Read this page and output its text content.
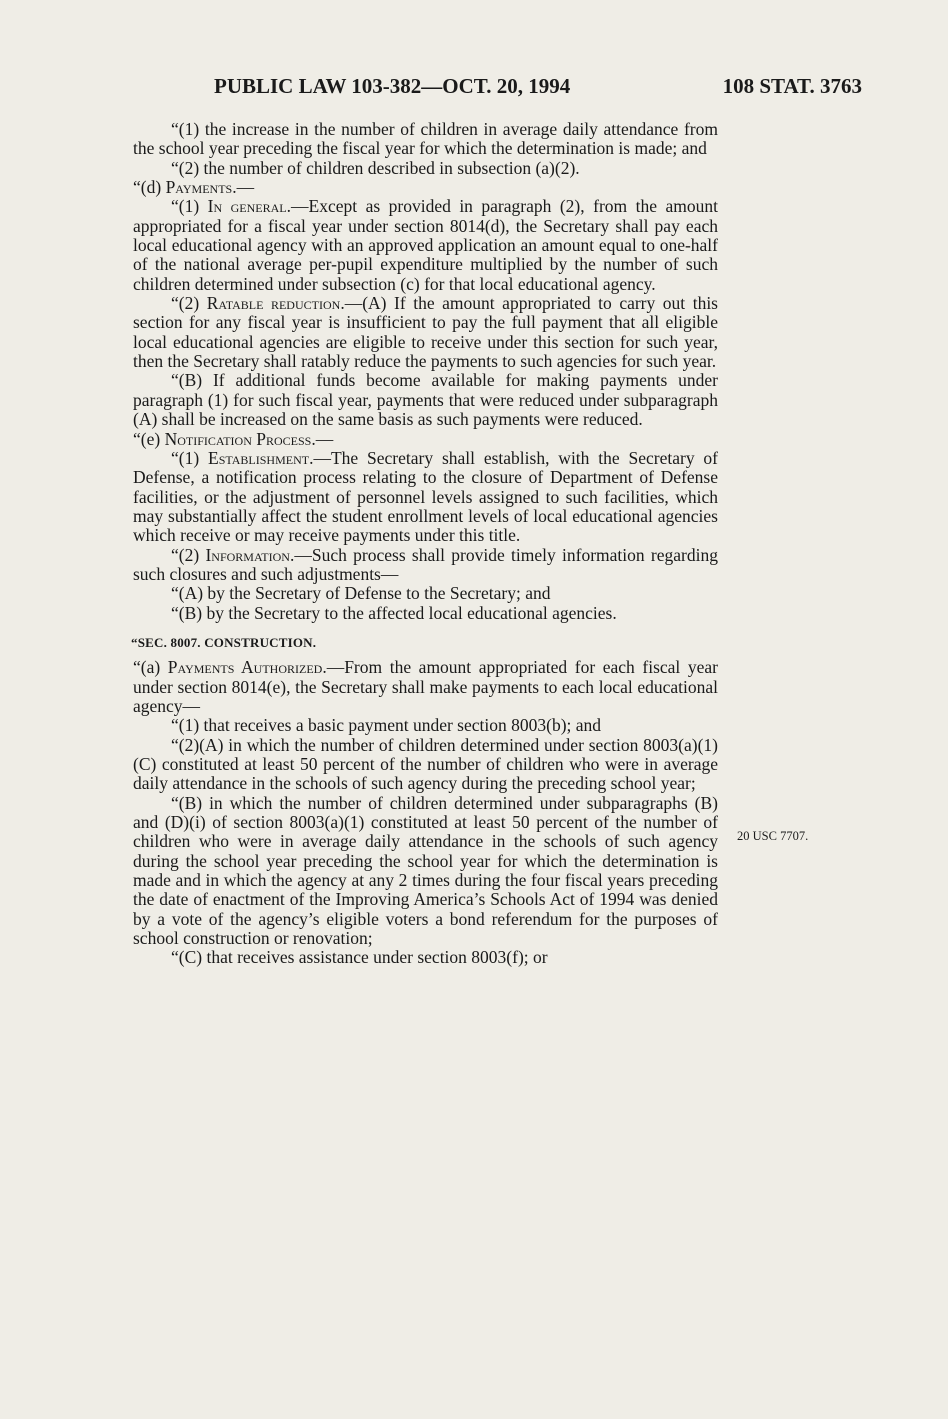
PUBLIC LAW 103-382—OCT. 20, 1994	108 STAT. 3763

“(1) the increase in the number of children in average daily attendance from the school year preceding the fiscal year for which the determination is made; and

“(2) the number of children described in subsection (a)(2).

“(d) Payments.—

“(1) In general.—Except as provided in paragraph (2), from the amount appropriated for a fiscal year under section 8014(d), the Secretary shall pay each local educational agency with an approved application an amount equal to one-half of the national average per-pupil expenditure multiplied by the number of such children determined under subsection (c) for that local educational agency.

“(2) Ratable reduction.—(A) If the amount appropriated to carry out this section for any fiscal year is insufficient to pay the full payment that all eligible local educational agencies are eligible to receive under this section for such year, then the Secretary shall ratably reduce the payments to such agencies for such year.

“(B) If additional funds become available for making payments under paragraph (1) for such fiscal year, payments that were reduced under subparagraph (A) shall be increased on the same basis as such payments were reduced.

“(e) Notification Process.—

“(1) Establishment.—The Secretary shall establish, with the Secretary of Defense, a notification process relating to the closure of Department of Defense facilities, or the adjustment of personnel levels assigned to such facilities, which may substantially affect the student enrollment levels of local educational agencies which receive or may receive payments under this title.

“(2) Information.—Such process shall provide timely information regarding such closures and such adjustments—

“(A) by the Secretary of Defense to the Secretary; and

“(B) by the Secretary to the affected local educational agencies.

“SEC. 8007. CONSTRUCTION.

“(a) Payments Authorized.—From the amount appropriated for each fiscal year under section 8014(e), the Secretary shall make payments to each local educational agency—

“(1) that receives a basic payment under section 8003(b); and

“(2)(A) in which the number of children determined under section 8003(a)(1)(C) constituted at least 50 percent of the number of children who were in average daily attendance in the schools of such agency during the preceding school year;

“(B) in which the number of children determined under subparagraphs (B) and (D)(i) of section 8003(a)(1) constituted at least 50 percent of the number of children who were in average daily attendance in the schools of such agency during the school year preceding the school year for which the determination is made and in which the agency at any 2 times during the four fiscal years preceding the date of enactment of the Improving America’s Schools Act of 1994 was denied by a vote of the agency’s eligible voters a bond referendum for the purposes of school construction or renovation;

“(C) that receives assistance under section 8003(f); or

20 USC 7707.
